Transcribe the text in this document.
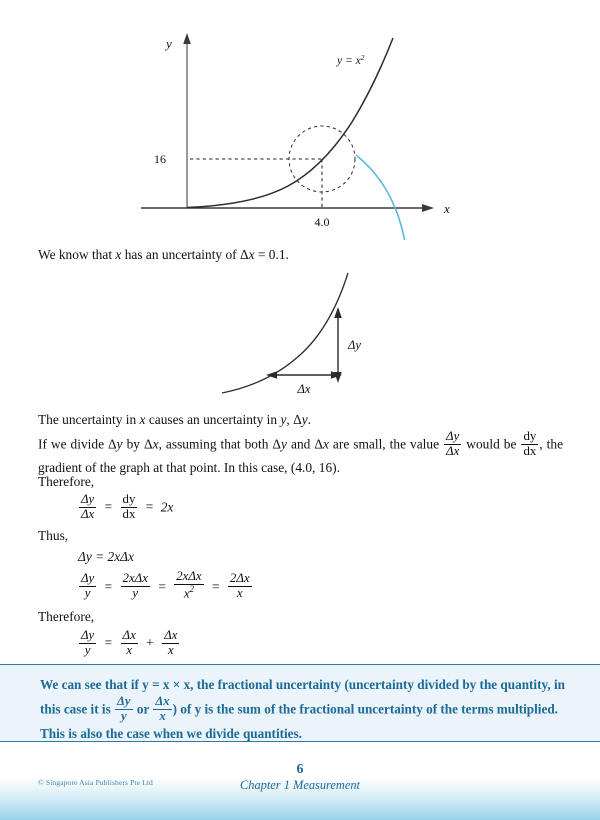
y
x
$y = x^2$
16
4.0
We know that x has an uncertainty of Δx = 0.1.
Δy
Δx
The uncertainty in x causes an uncertainty in y, Δy.
If we divide Δy by Δx, assuming that both Δy and Δx are small, the value $\frac{\Delta y}{\Delta x}$ would be $\frac{dy}{dx}$ , the gradient of the graph at that point. In this case, (4.0, 16).
Therefore,
$\frac{\Delta y}{\Delta x} = \frac{dy}{dx} = 2x$
Thus,
Δy = 2xΔx
$\frac{\Delta y}{y} = \frac{\text{2xΔx}}{y} = \frac{\text{2xΔx}}{x^2} = \frac{2\Delta x}{x}$
Therefore,
$\frac{\Delta y}{y} = \frac{\Delta x}{x} + \frac{\Delta x}{x}$
We can see that if y = x × x, the fractional uncertainty (uncertainty divided by the quantity, in this case it is $\frac{\Delta y}{y}$ or $\frac{\Delta x}{x}$ ) of y is the sum of the fractional uncertainty of the terms multiplied. This is also the case when we divide quantities.
© Singapore Asia Publishers Pte Ltd
6
Chapter 1 Measurement
